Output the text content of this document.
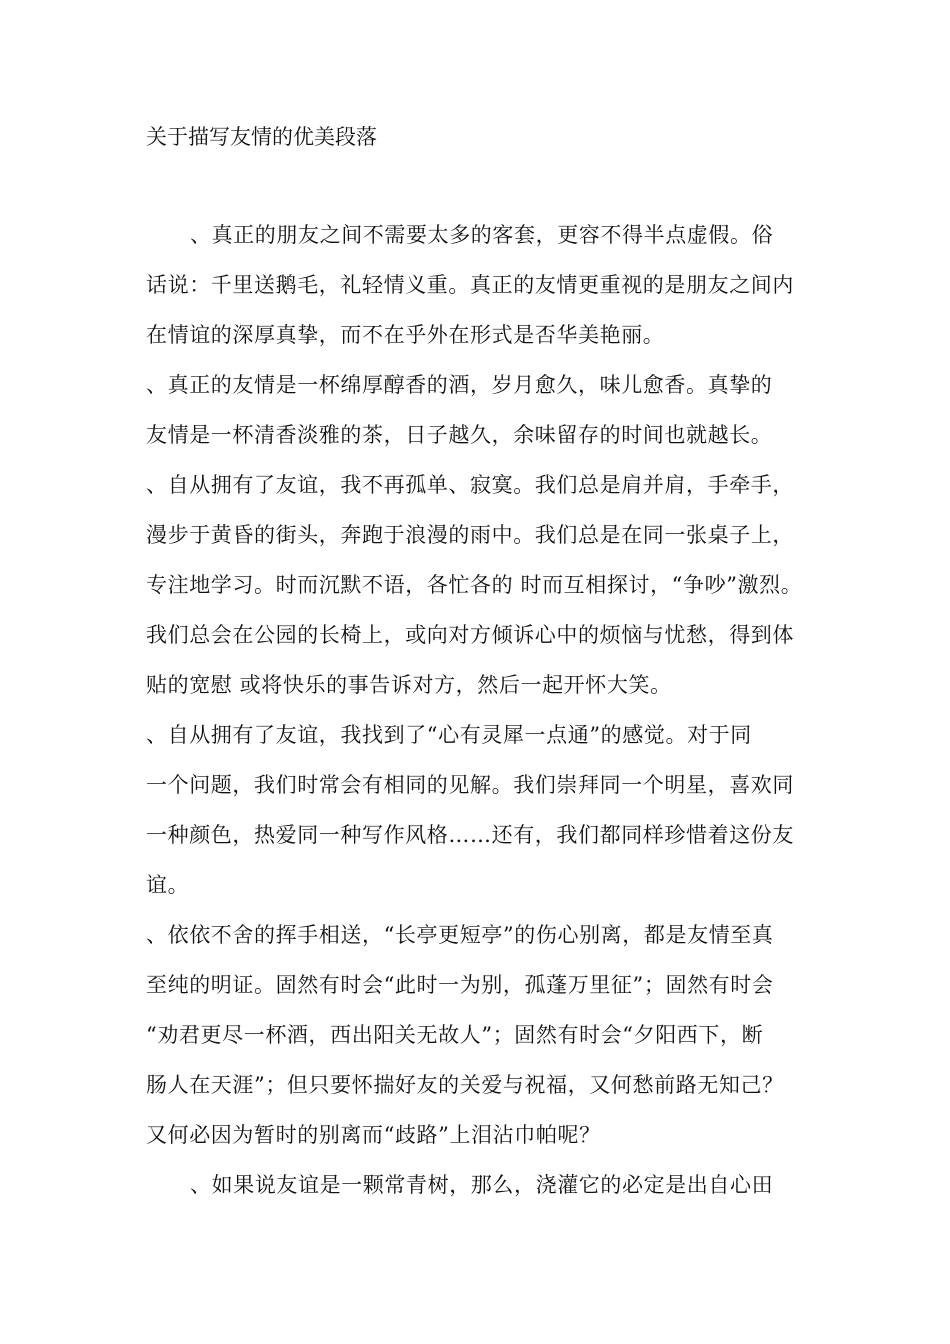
关于描写友情的优美段落
、真正的朋友之间不需要太多的客套，更容不得半点虚假。俗
话说：千里送鹅毛，礼轻情义重。真正的友情更重视的是朋友之间内
在情谊的深厚真挚，而不在乎外在形式是否华美艳丽。
、真正的友情是一杯绵厚醇香的酒，岁月愈久，味儿愈香。真挚的
友情是一杯清香淡雅的茶，日子越久，余味留存的时间也就越长。
、自从拥有了友谊，我不再孤单、寂寞。我们总是肩并肩，手牵手，
漫步于黄昏的街头，奔跑于浪漫的雨中。我们总是在同一张桌子上，
专注地学习。时而沉默不语，各忙各的 时而互相探讨，“争吵”激烈。
我们总会在公园的长椅上，或向对方倾诉心中的烦恼与忧愁，得到体
贴的宽慰 或将快乐的事告诉对方，然后一起开怀大笑。
、自从拥有了友谊，我找到了“心有灵犀一点通”的感觉。对于同
一个问题，我们时常会有相同的见解。我们崇拜同一个明星，喜欢同
一种颜色，热爱同一种写作风格……还有，我们都同样珍惜着这份友
谊。
、依依不舍的挥手相送，“长亭更短亭”的伤心别离，都是友情至真
至纯的明证。固然有时会“此时一为别，孤蓬万里征”；固然有时会
“劝君更尽一杯酒，西出阳关无故人”；固然有时会“夕阳西下，断
肠人在天涯”；但只要怀揣好友的关爱与祝福，又何愁前路无知己？
又何必因为暂时的别离而“歧路”上泪沾巾帕呢？
、如果说友谊是一颗常青树，那么，浇灌它的必定是出自心田
